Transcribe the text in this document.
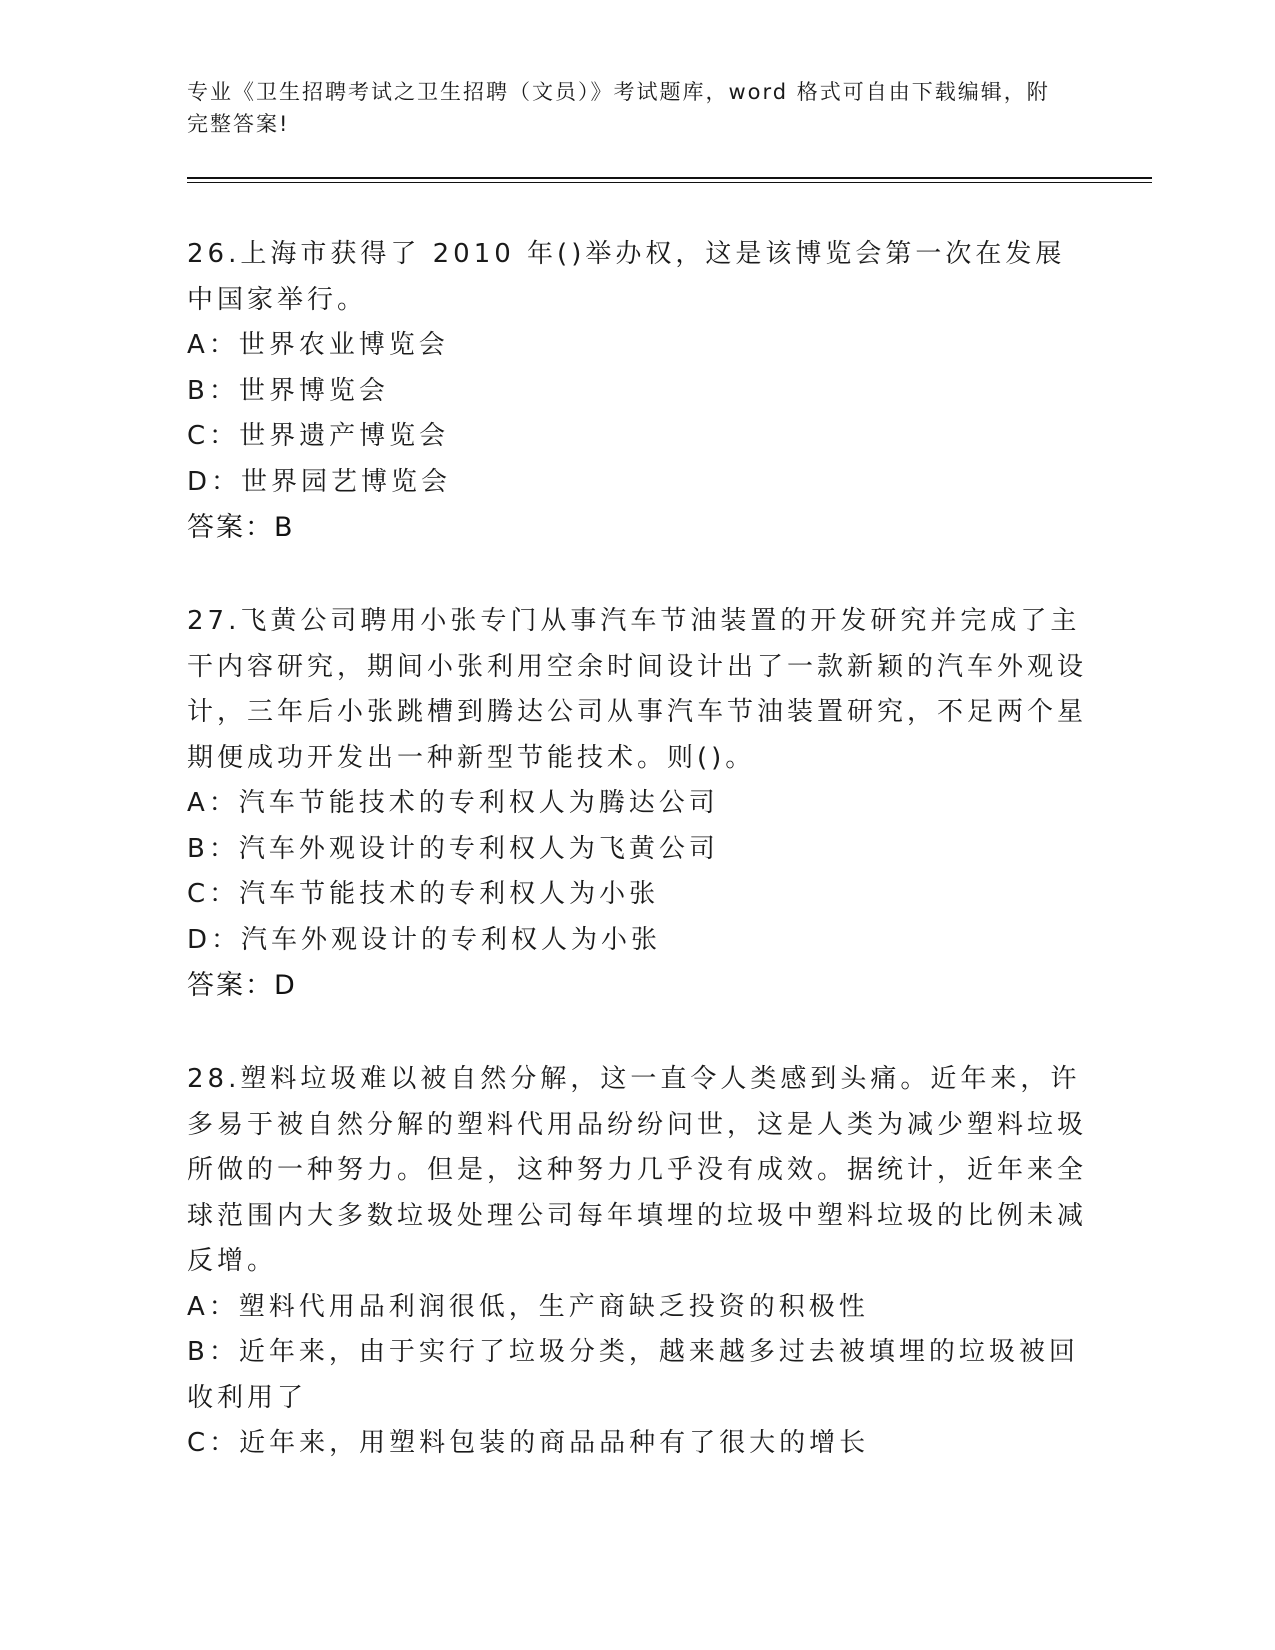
专业《卫生招聘考试之卫生招聘（文员）》考试题库，word 格式可自由下载编辑，附完整答案!
26.上海市获得了 2010 年()举办权，这是该博览会第一次在发展中国家举行。
A：世界农业博览会
B：世界博览会
C：世界遗产博览会
D：世界园艺博览会
答案：B
27.飞黄公司聘用小张专门从事汽车节油装置的开发研究并完成了主干内容研究，期间小张利用空余时间设计出了一款新颖的汽车外观设计，三年后小张跳槽到腾达公司从事汽车节油装置研究，不足两个星期便成功开发出一种新型节能技术。则()。
A：汽车节能技术的专利权人为腾达公司
B：汽车外观设计的专利权人为飞黄公司
C：汽车节能技术的专利权人为小张
D：汽车外观设计的专利权人为小张
答案：D
28.塑料垃圾难以被自然分解，这一直令人类感到头痛。近年来，许多易于被自然分解的塑料代用品纷纷问世，这是人类为减少塑料垃圾所做的一种努力。但是，这种努力几乎没有成效。据统计，近年来全球范围内大多数垃圾处理公司每年填埋的垃圾中塑料垃圾的比例未减反增。
A：塑料代用品利润很低，生产商缺乏投资的积极性
B：近年来，由于实行了垃圾分类，越来越多过去被填埋的垃圾被回收利用了
C：近年来，用塑料包装的商品品种有了很大的增长
